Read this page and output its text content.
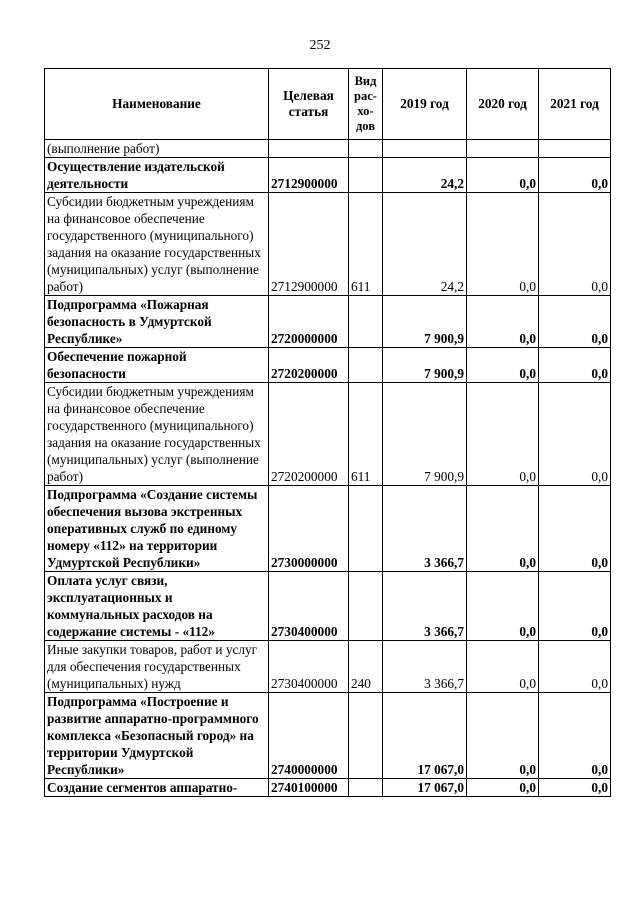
252
Наименование	Целевая статья	Вид рас-хо-дов	2019 год	2020 год	2021 год
(выполнение работ)					
Осуществление издательской деятельности	2712900000		24,2	0,0	0,0
Субсидии бюджетным учреждениям на финансовое обеспечение государственного (муниципального) задания на оказание государственных (муниципальных) услуг (выполнение работ)	2712900000	611	24,2	0,0	0,0
Подпрограмма «Пожарная безопасность в Удмуртской Республике»	2720000000		7 900,9	0,0	0,0
Обеспечение пожарной безопасности	2720200000		7 900,9	0,0	0,0
Субсидии бюджетным учреждениям на финансовое обеспечение государственного (муниципального) задания на оказание государственных (муниципальных) услуг (выполнение работ)	2720200000	611	7 900,9	0,0	0,0
Подпрограмма «Создание системы обеспечения вызова экстренных оперативных служб по единому номеру «112» на территории Удмуртской Республики»	2730000000		3 366,7	0,0	0,0
Оплата услуг связи, эксплуатационных и коммунальных расходов на содержание системы - «112»	2730400000		3 366,7	0,0	0,0
Иные закупки товаров, работ и услуг для обеспечения государственных (муниципальных) нужд	2730400000	240	3 366,7	0,0	0,0
Подпрограмма «Построение и развитие аппаратно-программного комплекса «Безопасный город» на территории Удмуртской Республики»	2740000000		17 067,0	0,0	0,0
Создание сегментов аппаратно-	2740100000		17 067,0	0,0	0,0
